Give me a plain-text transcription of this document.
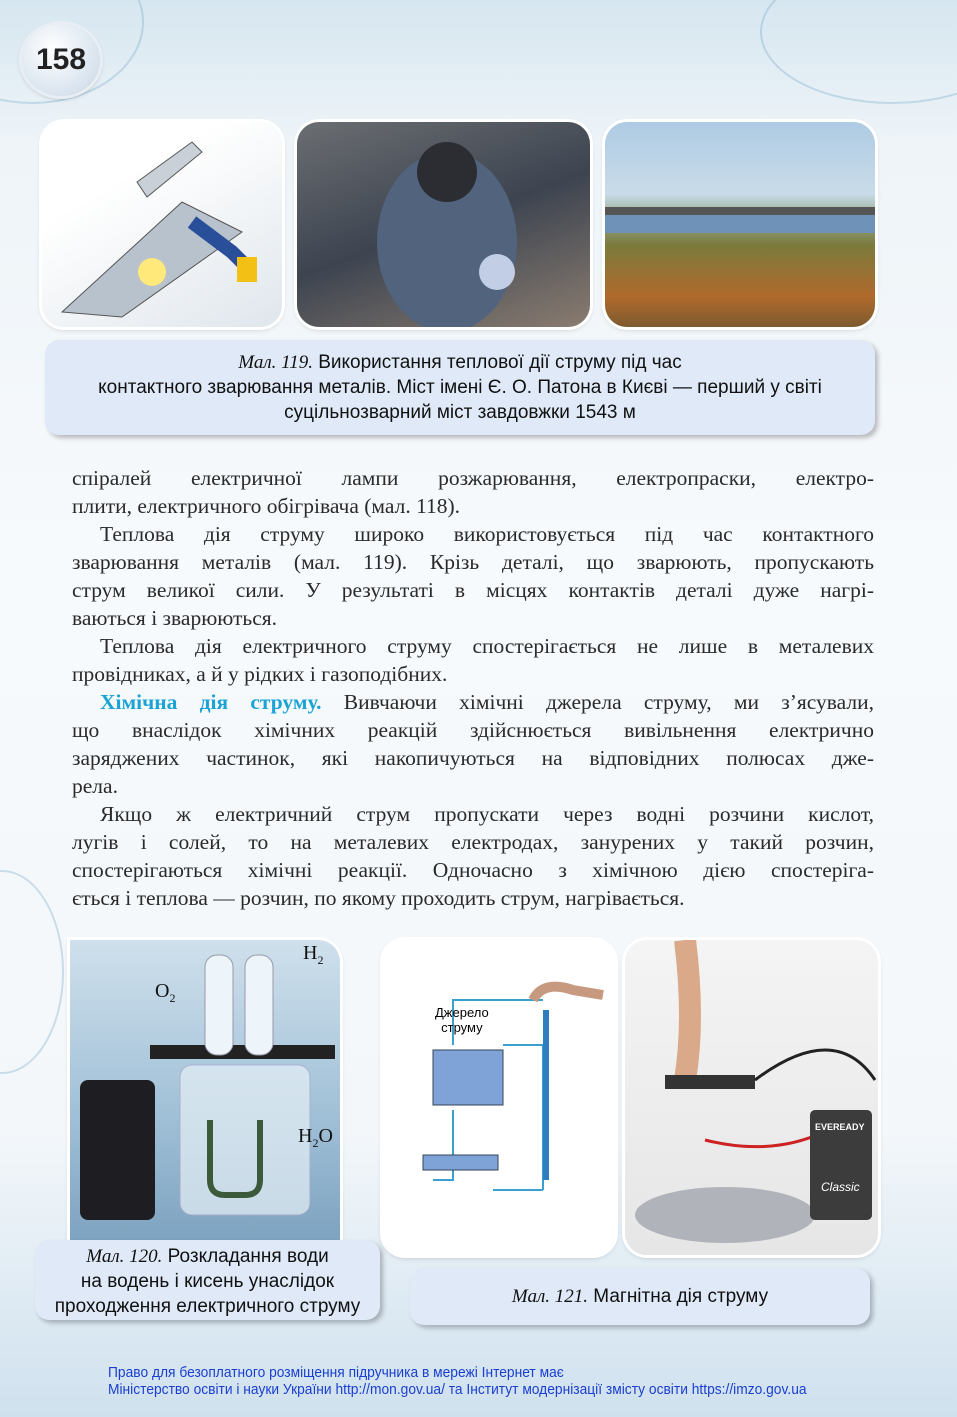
158
Мал. 119. Використання теплової дії струму під час
контактного зварювання металів. Міст імені Є. О. Патона в Києві — перший у світі
суцільнозварний міст завдовжки 1543 м
спіралей електричної лампи розжарювання, електропраски, електро-
плити, електричного обігрівача (мал. 118).
Теплова дія струму широко використовується під час контактного
зварювання металів (мал. 119). Крізь деталі, що зварюють, пропускають
струм великої сили. У результаті в місцях контактів деталі дуже нагрі-
ваються і зварюються.
Теплова дія електричного струму спостерігається не лише в металевих
провідниках, а й у рідких і газоподібних.
Хімічна дія струму. Вивчаючи хімічні джерела струму, ми з’ясували,
що внаслідок хімічних реакцій здійснюється вивільнення електрично
заряджених частинок, які накопичуються на відповідних полюсах дже-
рела.
Якщо ж електричний струм пропускати через водні розчини кислот,
лугів і солей, то на металевих електродах, занурених у такий розчин,
спостерігаються хімічні реакції. Одночасно з хімічною дією спостеріга-
ється і теплова — розчин, по якому проходить струм, нагрівається.
$O_2$
$H_2$
$H_2O$
Мал. 120. Розкладання води
на водень і кисень унаслідок
проходження електричного струму
Джерело
струму
EVEREADY
Classic
Мал. 121. Магнітна дія струму
Право для безоплатного розміщення підручника в мережі Інтернет має
Міністерство освіти і науки України http://mon.gov.ua/ та Інститут модернізації змісту освіти https://imzo.gov.ua
